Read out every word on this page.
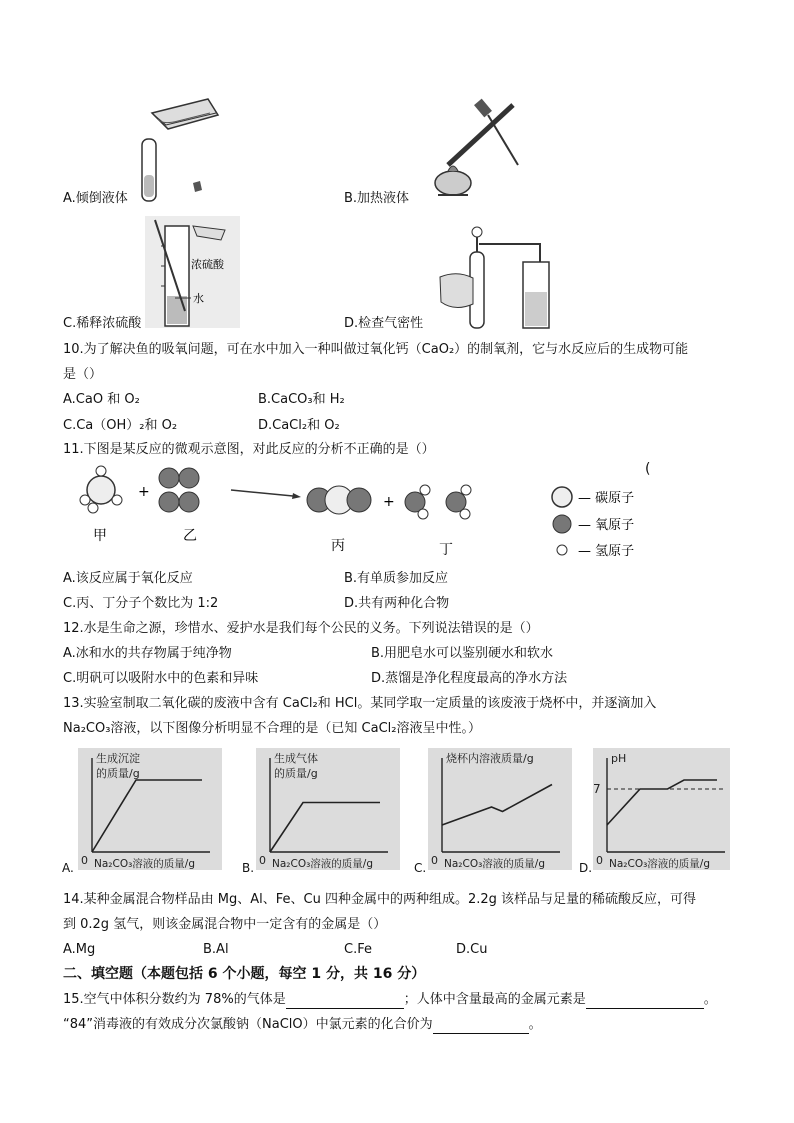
A.倾倒液体	B.加热液体
浓硫酸
水
C.稀释浓硫酸	D.检查气密性
10.为了解决鱼的吸氧问题，可在水中加入一种叫做过氧化钙（CaO₂）的制氧剂，它与水反应后的生成物可能
是（）
A.CaO 和 O₂	B.CaCO₃和 H₂
C.Ca（OH）₂和 O₂	D.CaCl₂和 O₂
11.下图是某反应的微观示意图，对此反应的分析不正确的是（）
(
+
+
甲	乙
丙	丁
— 碳原子
— 氧原子
— 氢原子
A.该反应属于氧化反应	B.有单质参加反应
C.丙、丁分子个数比为 1:2	D.共有两种化合物
12.水是生命之源，珍惜水、爱护水是我们每个公民的义务。下列说法错误的是（）
A.冰和水的共存物属于纯净物	B.用肥皂水可以鉴别硬水和软水
C.明矾可以吸附水中的色素和异味	D.蒸馏是净化程度最高的净水方法
13.实验室制取二氧化碳的废液中含有 CaCl₂和 HCl。某同学取一定质量的该废液于烧杯中，并逐滴加入
Na₂CO₃溶液，以下图像分析明显不合理的是（已知 CaCl₂溶液呈中性。）
生成沉淀
的质量/g
Na₂CO₃溶液的质量/g
0
A.
生成气体
的质量/g
Na₂CO₃溶液的质量/g
0
B.
烧杯内溶液质量/g
Na₂CO₃溶液的质量/g
0
C.
pH
Na₂CO₃溶液的质量/g
0
D.
7
14.某种金属混合物样品由 Mg、Al、Fe、Cu 四种金属中的两种组成。2.2g 该样品与足量的稀硫酸反应，可得
到 0.2g 氢气，则该金属混合物中一定含有的金属是（）
A.Mg	B.Al	C.Fe	D.Cu
二、填空题（本题包括 6 个小题，每空 1 分，共 16 分）
15.空气中体积分数约为 78%的气体是	；人体中含量最高的金属元素是	。
“84”消毒液的有效成分次氯酸钠（NaClO）中氯元素的化合价为	。
